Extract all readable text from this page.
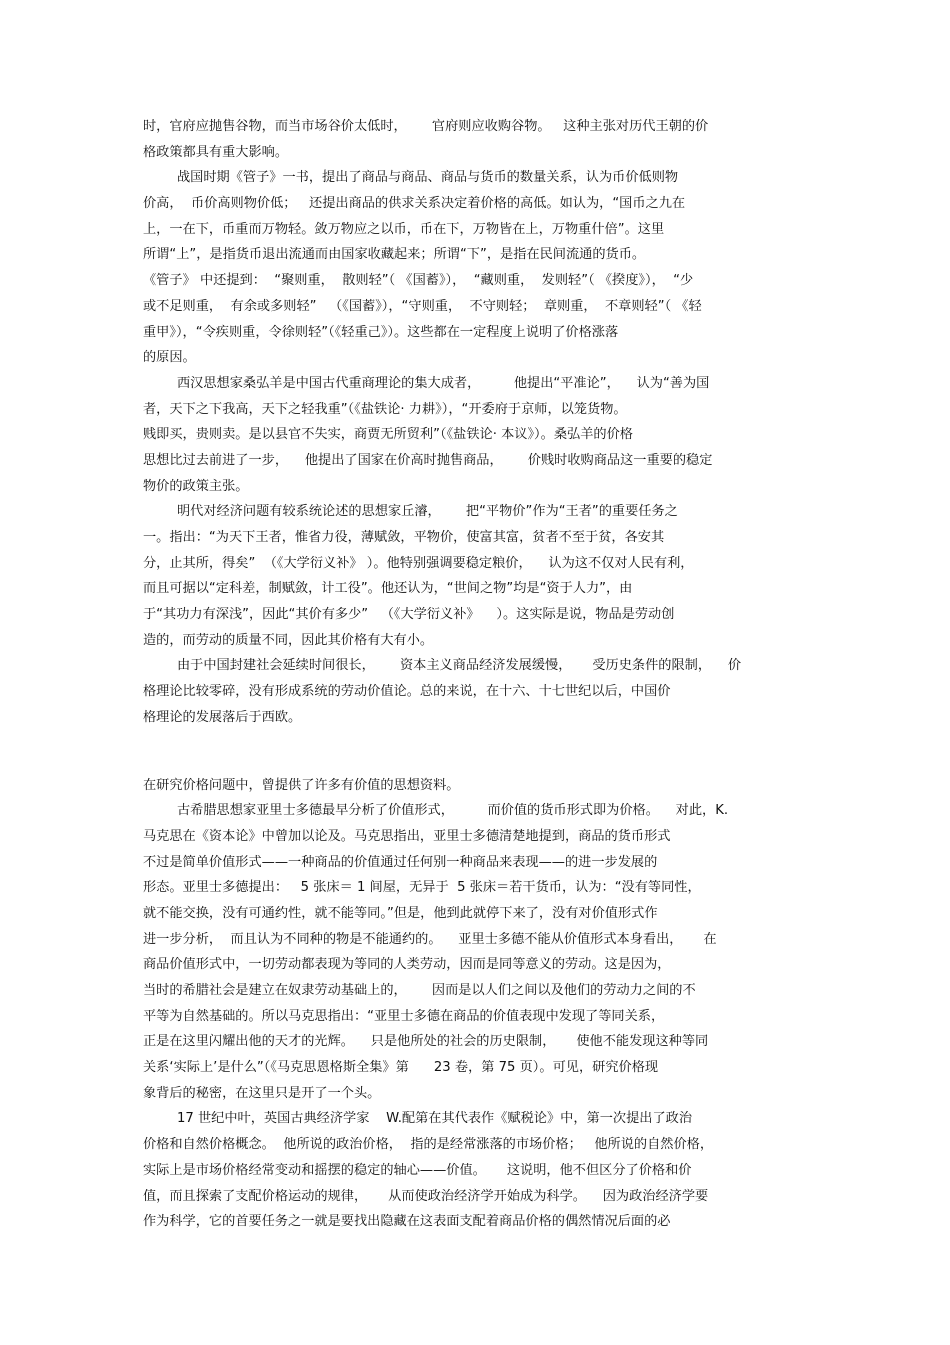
时，官府应抛售谷物，而当市场谷价太低时，      官府则应收购谷物。   这种主张对历代王朝的价
格政策都具有重大影响。
战国时期《管子》一书，提出了商品与商品、商品与货币的数量关系，认为币价低则物
价高，  币价高则物价低；   还提出商品的供求关系决定着价格的高低。如认为，“国币之九在
上，一在下，币重而万物轻。敛万物应之以币，币在下，万物皆在上，万物重什倍”。这里
所谓“上”，是指货币退出流通而由国家收藏起来；所谓“下”，是指在民间流通的货币。
《管子》 中还提到：  “聚则重，  散则轻”（ 《国蓄》），  “藏则重，  发则轻”（ 《揆度》），  “少
或不足则重，  有余或多则轻”   （《国蓄》），“守则重，  不守则轻；  章则重，  不章则轻”（ 《轻
重甲》），“令疾则重，令徐则轻”（《轻重己》）。这些都在一定程度上说明了价格涨落
的原因。
西汉思想家桑弘羊是中国古代重商理论的集大成者，        他提出“平准论”，    认为“善为国
者，天下之下我高，天下之轻我重”（《盐铁论· 力耕》），“开委府于京师，以笼货物。
贱即买，贵则卖。是以县官不失实，商贾无所贸利”（《盐铁论· 本议》）。桑弘羊的价格
思想比过去前进了一步，    他提出了国家在价高时抛售商品，      价贱时收购商品这一重要的稳定
物价的政策主张。
明代对经济问题有较系统论述的思想家丘濬，      把“平物价”作为“王者”的重要任务之
一。指出：“为天下王者，惟省力役，薄赋敛，平物价，使富其富，贫者不至于贫，各安其
分，止其所，得矣”  （《大学衍义补》 ）。他特别强调要稳定粮价，    认为这不仅对人民有利，
而且可据以“定科差，制赋敛，计工役”。他还认为，“世间之物”均是“资于人力”，由
于“其功力有深浅”，因此“其价有多少”   （《大学衍义补》    ）。这实际是说，物品是劳动创
造的，而劳动的质量不同，因此其价格有大有小。
由于中国封建社会延续时间很长，      资本主义商品经济发展缓慢，     受历史条件的限制，    价
格理论比较零碎，没有形成系统的劳动价值论。总的来说，在十六、十七世纪以后，中国价
格理论的发展落后于西欧。

在研究价格问题中，曾提供了许多有价值的思想资料。
古希腊思想家亚里士多德最早分析了价值形式，        而价值的货币形式即为价格。    对此，K.
马克思在《资本论》中曾加以论及。马克思指出，亚里士多德清楚地提到，商品的货币形式
不过是简单价值形式——一种商品的价值通过任何别一种商品来表现——的进一步发展的
形态。亚里士多德提出：   5 张床＝ 1 间屋，无异于  5 张床＝若干货币，认为：“没有等同性，
就不能交换，没有可通约性，就不能等同。”但是，他到此就停下来了，没有对价值形式作
进一步分析，  而且认为不同种的物是不能通约的。    亚里士多德不能从价值形式本身看出，     在
商品价值形式中，一切劳动都表现为等同的人类劳动，因而是同等意义的劳动。这是因为，
当时的希腊社会是建立在奴隶劳动基础上的，      因而是以人们之间以及他们的劳动力之间的不
平等为自然基础的。所以马克思指出：“亚里士多德在商品的价值表现中发现了等同关系，
正是在这里闪耀出他的天才的光辉。    只是他所处的社会的历史限制，     使他不能发现这种等同
关系‘实际上’是什么”（《马克思恩格斯全集》第      23 卷，第 75 页）。可见，研究价格现
象背后的秘密，在这里只是开了一个头。
17 世纪中叶，英国古典经济学家    W.配第在其代表作《赋税论》中，第一次提出了政治
价格和自然价格概念。  他所说的政治价格，  指的是经常涨落的市场价格；   他所说的自然价格，
实际上是市场价格经常变动和摇摆的稳定的轴心——价值。     这说明，他不但区分了价格和价
值，而且探索了支配价格运动的规律，     从而使政治经济学开始成为科学。    因为政治经济学要
作为科学，它的首要任务之一就是要找出隐藏在这表面支配着商品价格的偶然情况后面的必
